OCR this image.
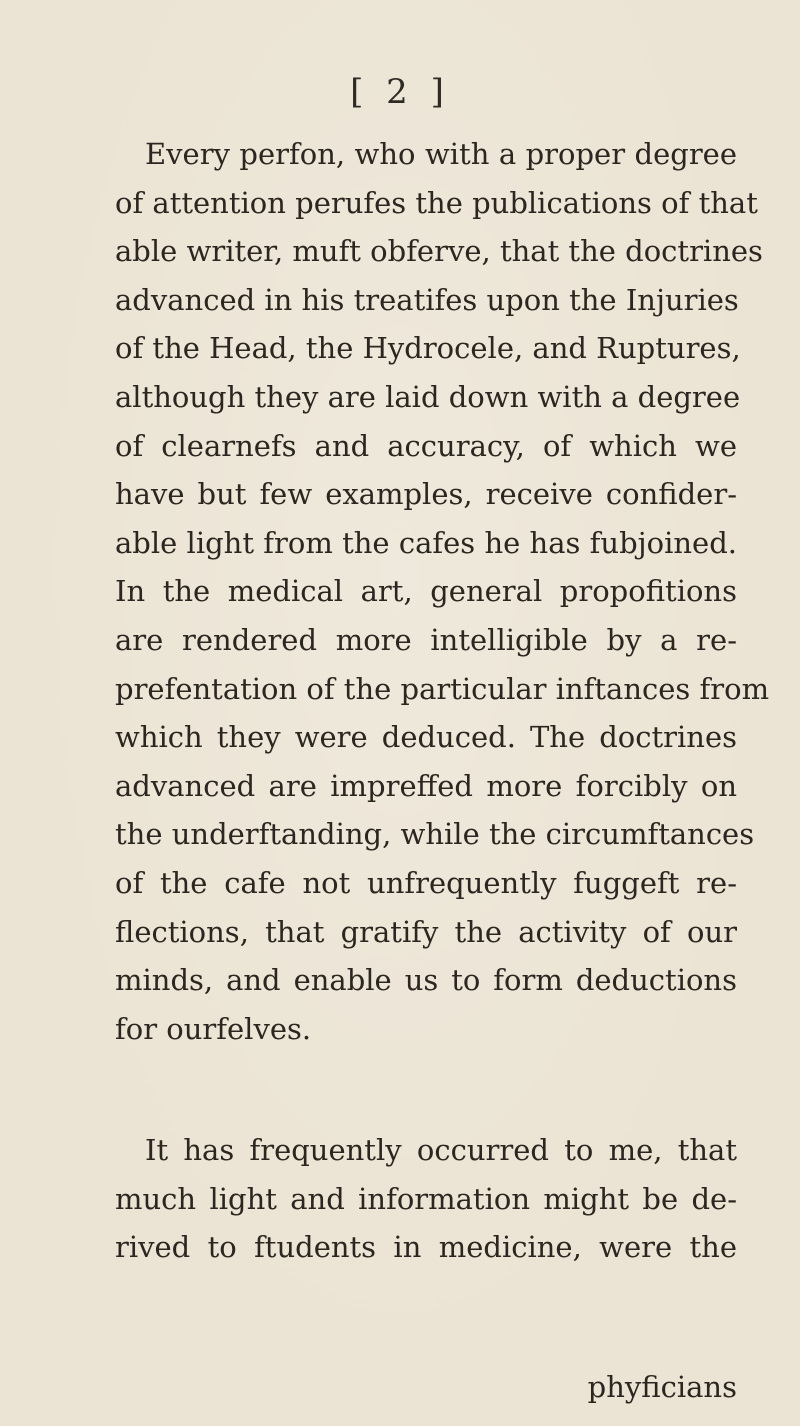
[ 2 ]
Every perfon, who with a proper degree
of attention perufes the publications of that
able writer, muft obferve, that the doctrines
advanced in his treatifes upon the Injuries
of the Head, the Hydrocele, and Ruptures,
although they are laid down with a degree
of clearnefs and accuracy, of which we
have but few examples, receive confider-
able light from the cafes he has fubjoined.
In the medical art, general propofitions
are rendered more intelligible by a re-
prefentation of the particular inftances from
which they were deduced. The doctrines
advanced are impreffed more forcibly on
the underftanding, while the circumftances
of the cafe not unfrequently fuggeft re-
flections, that gratify the activity of our
minds, and enable us to form deductions
for ourfelves.
It has frequently occurred to me, that
much light and information might be de-
rived to ftudents in medicine, were the
phyficians
